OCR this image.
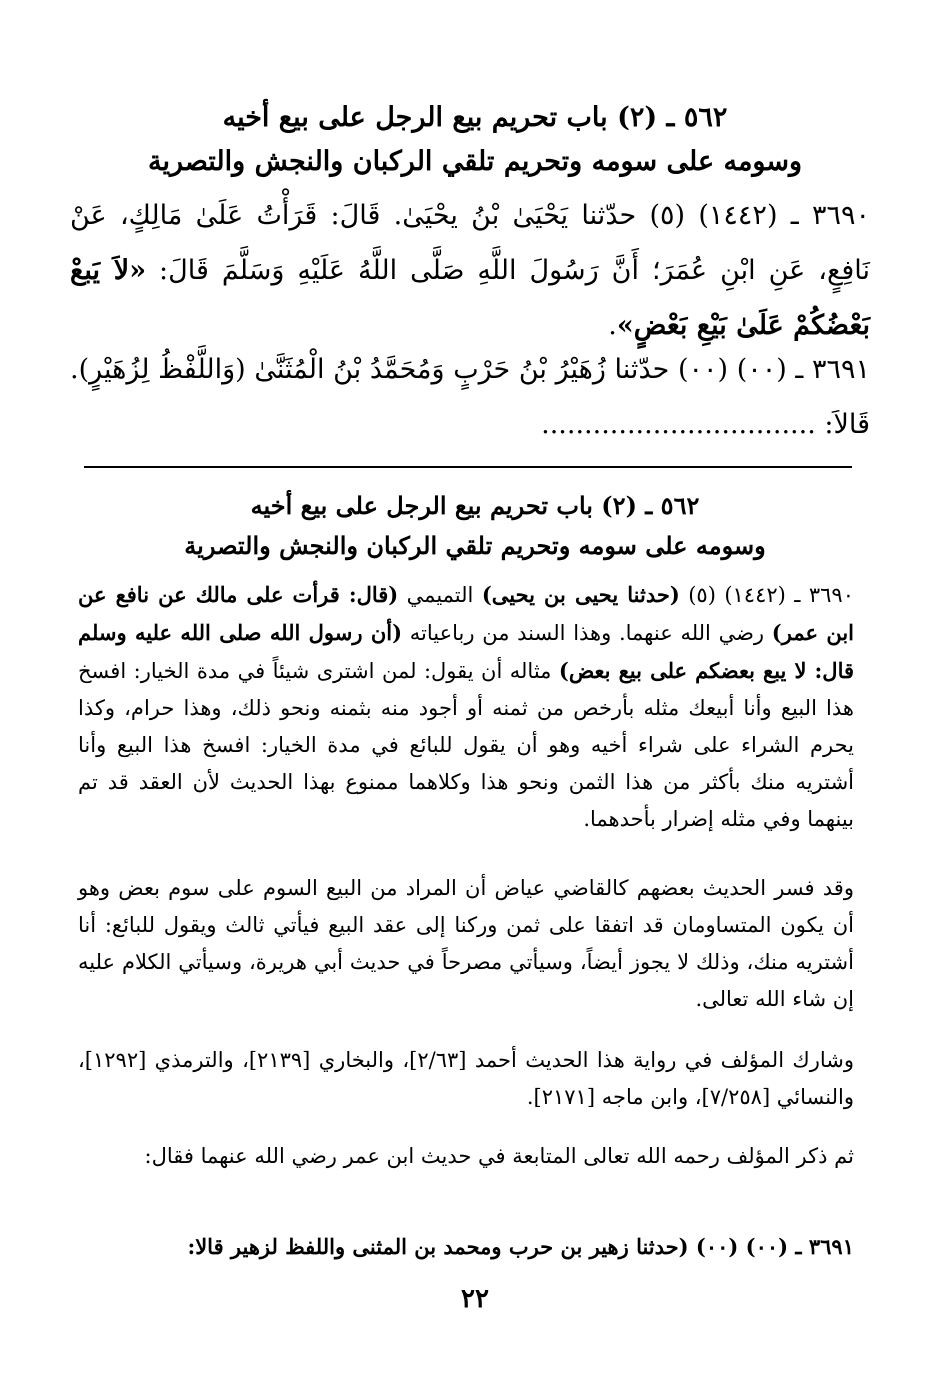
٥٦٢ ـ (٢) باب تحريم بيع الرجل على بيع أخيه
وسومه على سومه وتحريم تلقي الركبان والنجش والتصرية

٣٦٩٠ ـ (١٤٤٢) (٥) حدّثنا يَحْيَىٰ بْنُ يحْيَىٰ. قَالَ: قَرَأْتُ عَلَىٰ مَالِكٍ، عَنْ نَافِعٍ، عَنِ ابْنِ عُمَرَ؛ أَنَّ رَسُولَ اللَّهِ صَلَّى اللَّهُ عَلَيْهِ وَسَلَّمَ قَالَ: «لاَ يَبعْ بَعْضُكُمْ عَلَىٰ بَيْعِ بَعْضٍ».

٣٦٩١ ـ (٠٠) (٠٠) حدّثنا زُهَيْرُ بْنُ حَرْبٍ وَمُحَمَّدُ بْنُ الْمُثَنَّىٰ (وَاللَّفْظُ لِزُهَيْرٍ). قَالاَ: ................................

٥٦٢ ـ (٢) باب تحريم بيع الرجل على بيع أخيه
وسومه على سومه وتحريم تلقي الركبان والنجش والتصرية

٣٦٩٠ ـ (١٤٤٢) (٥) (حدثنا يحيى بن يحيى) التميمي (قال: قرأت على مالك عن نافع عن ابن عمر) رضي الله عنهما. وهذا السند من رباعياته (أن رسول الله صلى الله عليه وسلم قال: لا يبع بعضكم على بيع بعض) مثاله أن يقول: لمن اشترى شيئاً في مدة الخيار: افسخ هذا البيع وأنا أبيعك مثله بأرخص من ثمنه أو أجود منه بثمنه ونحو ذلك، وهذا حرام، وكذا يحرم الشراء على شراء أخيه وهو أن يقول للبائع في مدة الخيار: افسخ هذا البيع وأنا أشتريه منك بأكثر من هذا الثمن ونحو هذا وكلاهما ممنوع بهذا الحديث لأن العقد قد تم بينهما وفي مثله إضرار بأحدهما.

وقد فسر الحديث بعضهم كالقاضي عياض أن المراد من البيع السوم على سوم بعض وهو أن يكون المتساومان قد اتفقا على ثمن وركنا إلى عقد البيع فيأتي ثالث ويقول للبائع: أنا أشتريه منك، وذلك لا يجوز أيضاً، وسيأتي مصرحاً في حديث أبي هريرة، وسيأتي الكلام عليه إن شاء الله تعالى.

وشارك المؤلف في رواية هذا الحديث أحمد [٢/٦٣]، والبخاري [٢١٣٩]، والترمذي [١٢٩٢]، والنسائي [٧/٢٥٨]، وابن ماجه [٢١٧١].

ثم ذكر المؤلف رحمه الله تعالى المتابعة في حديث ابن عمر رضي الله عنهما فقال:

٣٦٩١ ـ (٠٠) (٠٠) (حدثنا زهير بن حرب ومحمد بن المثنى واللفظ لزهير قالا:

٢٢
